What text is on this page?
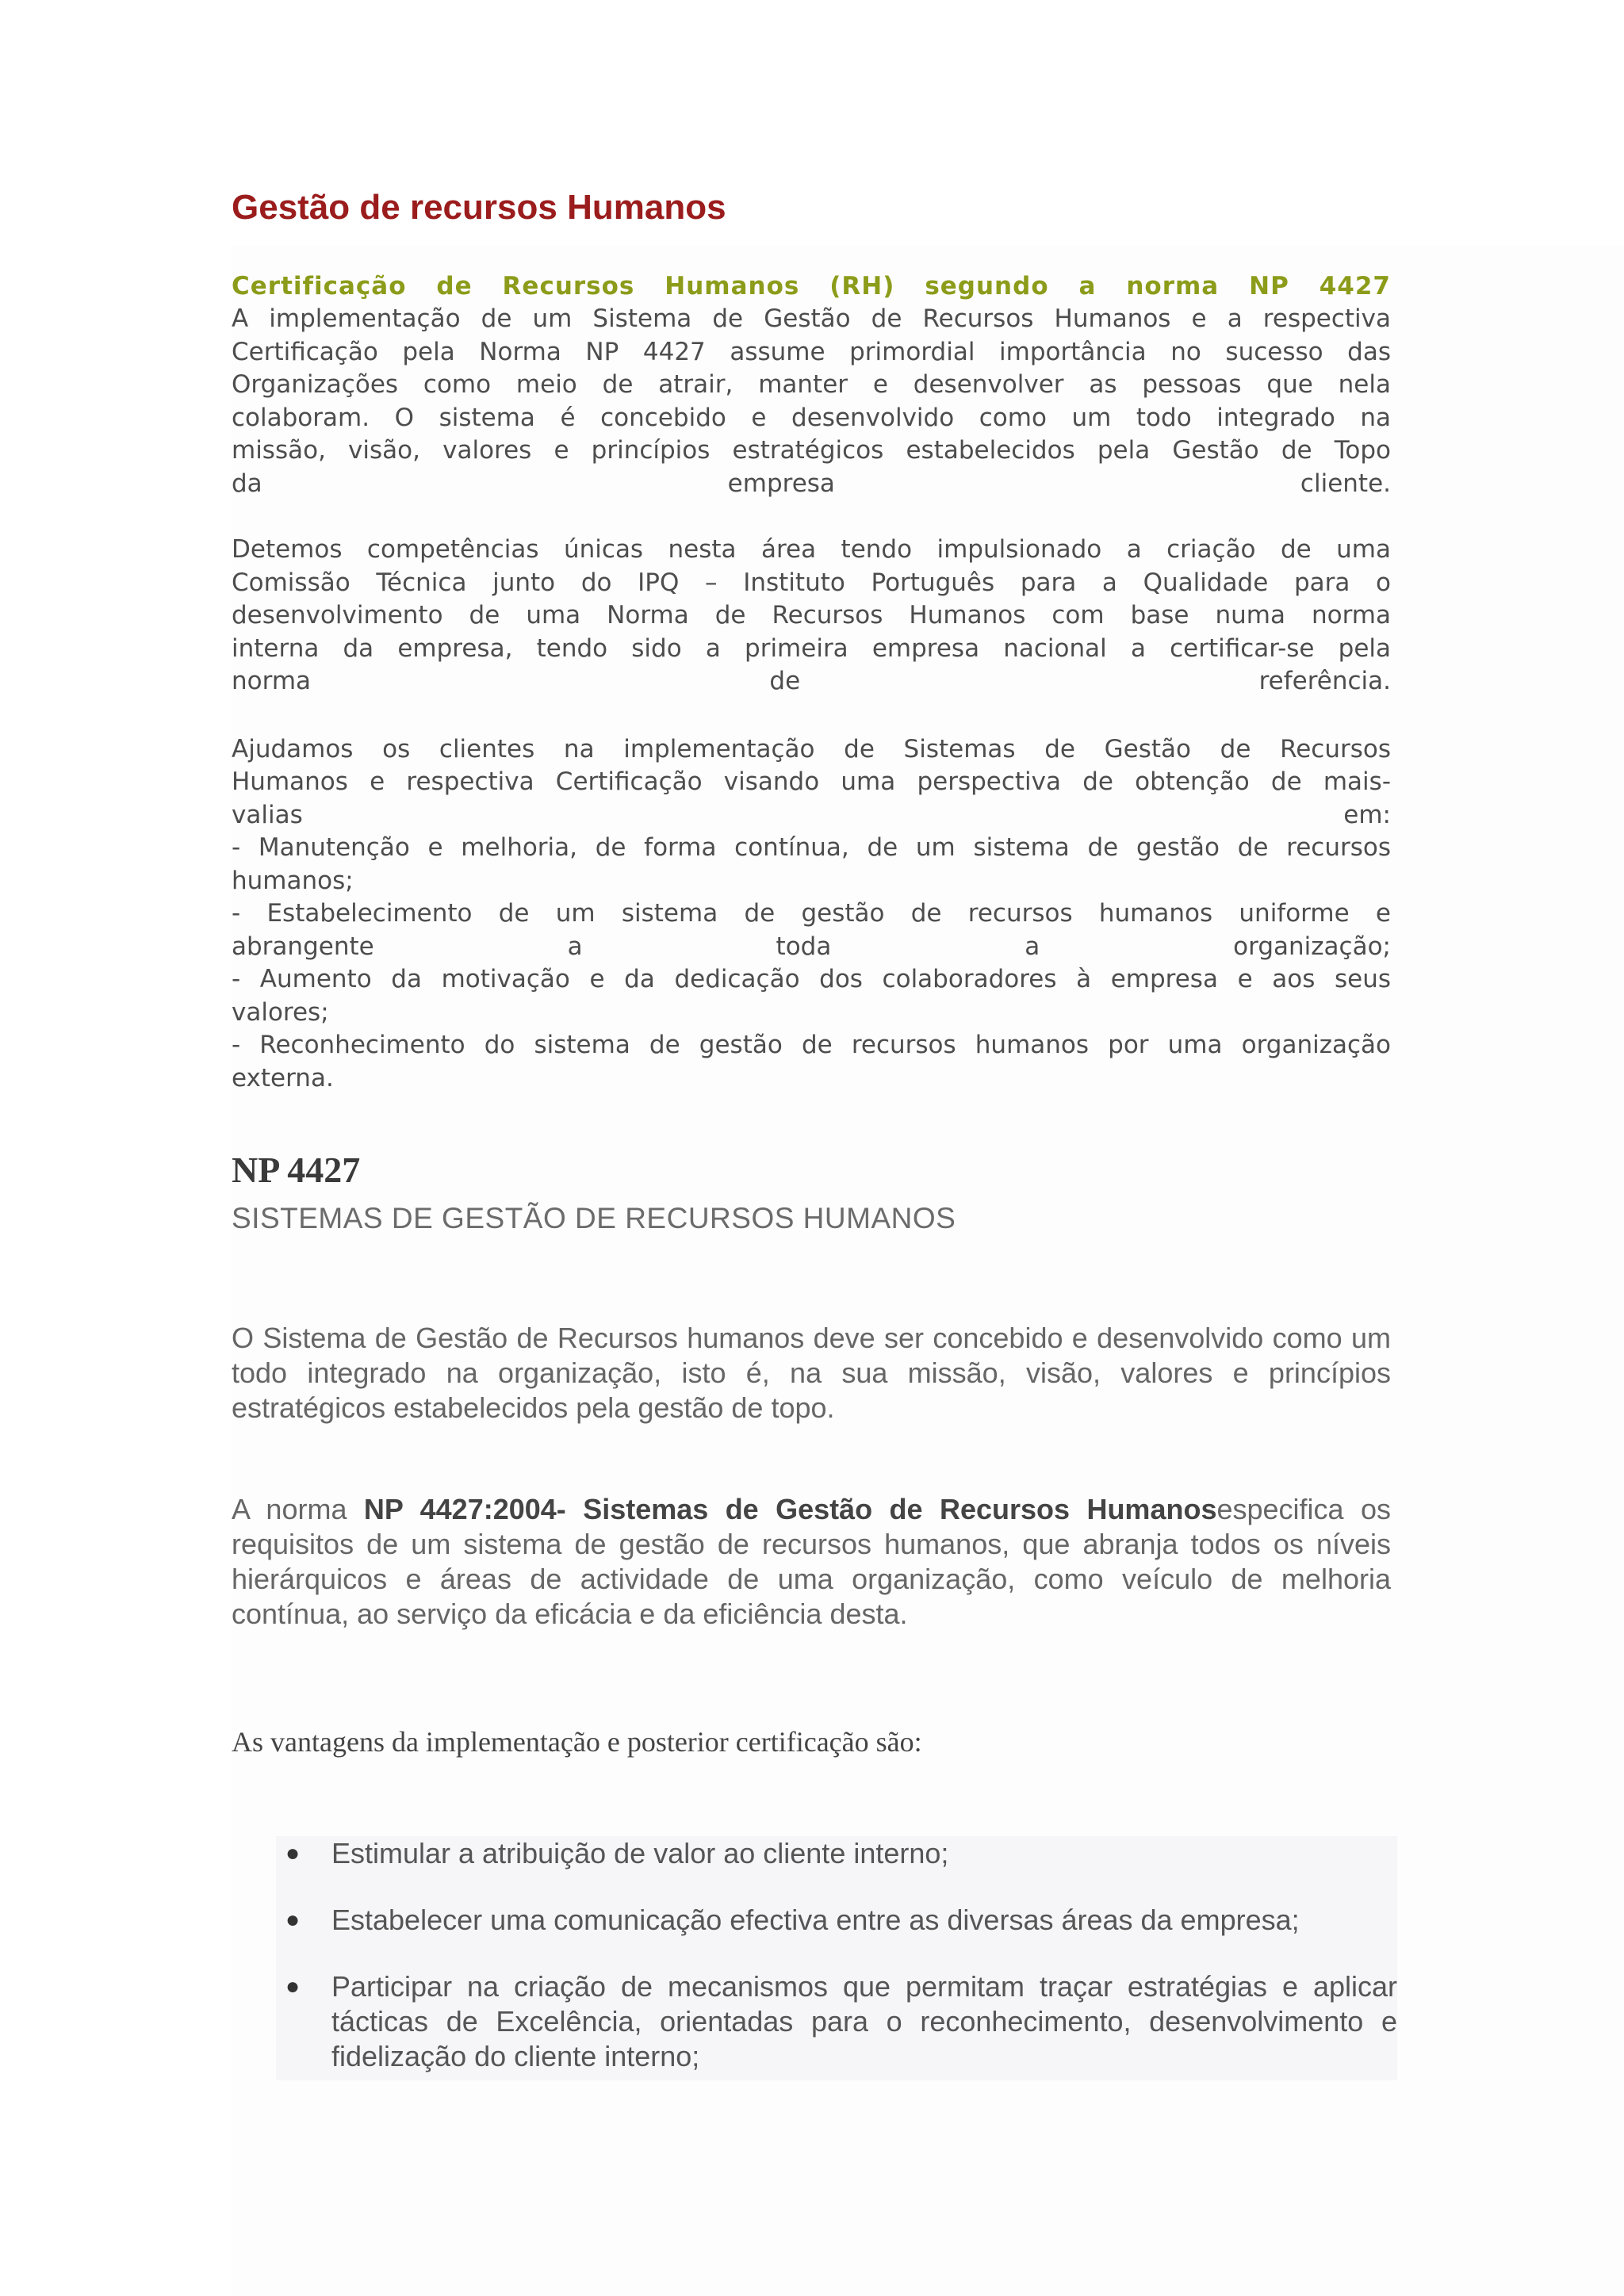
Gestão de recursos Humanos

Certificação de Recursos Humanos (RH) segundo a norma NP 4427

A implementação de um Sistema de Gestão de Recursos Humanos e a respectiva

Certificação pela Norma NP 4427 assume primordial importância no sucesso das

Organizações como meio de atrair, manter e desenvolver as pessoas que nela

colaboram. O sistema é concebido e desenvolvido como um todo integrado na

missão, visão, valores e princípios estratégicos estabelecidos pela Gestão de Topo

da empresa cliente.

Detemos competências únicas nesta área tendo impulsionado a criação de uma

Comissão Técnica junto do IPQ – Instituto Português para a Qualidade para o

desenvolvimento de uma Norma de Recursos Humanos com base numa norma

interna da empresa, tendo sido a primeira empresa nacional a certificar-se pela

norma de referência.

Ajudamos os clientes na implementação de Sistemas de Gestão de Recursos

Humanos e respectiva Certificação visando uma perspectiva de obtenção de mais-

valias em:

- Manutenção e melhoria, de forma contínua, de um sistema de gestão de recursos

humanos;

- Estabelecimento de um sistema de gestão de recursos humanos uniforme e

abrangente a toda a organização;

- Aumento da motivação e da dedicação dos colaboradores à empresa e aos seus

valores;

- Reconhecimento do sistema de gestão de recursos humanos por uma organização

externa.

NP 4427

SISTEMAS DE GESTÃO DE RECURSOS HUMANOS

O Sistema de Gestão de Recursos humanos deve ser concebido e desenvolvido como um todo integrado na organização, isto é, na sua missão, visão, valores e princípios estratégicos estabelecidos pela gestão de topo.

A norma NP 4427:2004- Sistemas de Gestão de Recursos Humanosespecifica os requisitos de um sistema de gestão de recursos humanos, que abranja todos os níveis hierárquicos e áreas de actividade de uma organização, como veículo de melhoria contínua, ao serviço da eficácia e da eficiência desta.

As vantagens da implementação e posterior certificação são:

● Estimular a atribuição de valor ao cliente interno;
● Estabelecer uma comunicação efectiva entre as diversas áreas da empresa;
● Participar na criação de mecanismos que permitam traçar estratégias e aplicar tácticas de Excelência, orientadas para o reconhecimento, desenvolvimento e fidelização do cliente interno;
